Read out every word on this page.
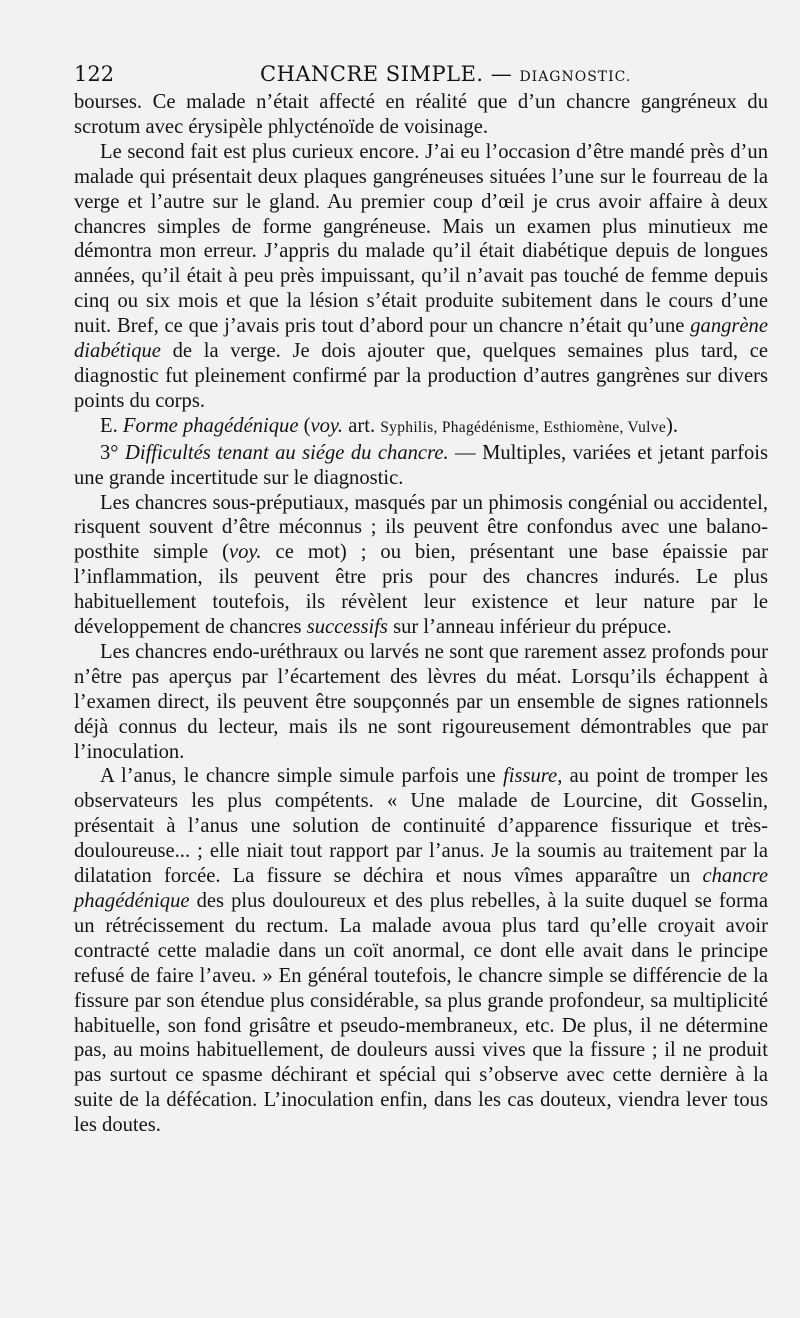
122	CHANCRE SIMPLE. — DIAGNOSTIC.

bourses. Ce malade n’était affecté en réalité que d’un chancre gangréneux du scrotum avec érysipèle phlycténoïde de voisinage.

Le second fait est plus curieux encore. J’ai eu l’occasion d’être mandé près d’un malade qui présentait deux plaques gangréneuses situées l’une sur le fourreau de la verge et l’autre sur le gland. Au premier coup d’œil je crus avoir affaire à deux chancres simples de forme gangréneuse. Mais un examen plus minutieux me démontra mon erreur. J’appris du malade qu’il était diabétique depuis de longues années, qu’il était à peu près impuissant, qu’il n’avait pas touché de femme depuis cinq ou six mois et que la lésion s’était produite subitement dans le cours d’une nuit. Bref, ce que j’avais pris tout d’abord pour un chancre n’était qu’une gangrène diabétique de la verge. Je dois ajouter que, quelques semaines plus tard, ce diagnostic fut pleinement confirmé par la production d’autres gangrènes sur divers points du corps.

E. Forme phagédénique (voy. art. Syphilis, Phagédénisme, Esthiomène, Vulve).

3° Difficultés tenant au siége du chancre. — Multiples, variées et jetant parfois une grande incertitude sur le diagnostic.

Les chancres sous-préputiaux, masqués par un phimosis congénial ou accidentel, risquent souvent d’être méconnus ; ils peuvent être confondus avec une balano-posthite simple (voy. ce mot) ; ou bien, présentant une base épaissie par l’inflammation, ils peuvent être pris pour des chancres indurés. Le plus habituellement toutefois, ils révèlent leur existence et leur nature par le développement de chancres successifs sur l’anneau inférieur du prépuce.

Les chancres endo-uréthraux ou larvés ne sont que rarement assez profonds pour n’être pas aperçus par l’écartement des lèvres du méat. Lorsqu’ils échappent à l’examen direct, ils peuvent être soupçonnés par un ensemble de signes rationnels déjà connus du lecteur, mais ils ne sont rigoureusement démontrables que par l’inoculation.

A l’anus, le chancre simple simule parfois une fissure, au point de tromper les observateurs les plus compétents. « Une malade de Lourcine, dit Gosselin, présentait à l’anus une solution de continuité d’apparence fissurique et très-douloureuse... ; elle niait tout rapport par l’anus. Je la soumis au traitement par la dilatation forcée. La fissure se déchira et nous vîmes apparaître un chancre phagédénique des plus douloureux et des plus rebelles, à la suite duquel se forma un rétrécissement du rectum. La malade avoua plus tard qu’elle croyait avoir contracté cette maladie dans un coït anormal, ce dont elle avait dans le principe refusé de faire l’aveu. » En général toutefois, le chancre simple se différencie de la fissure par son étendue plus considérable, sa plus grande profondeur, sa multiplicité habituelle, son fond grisâtre et pseudo-membraneux, etc. De plus, il ne détermine pas, au moins habituellement, de douleurs aussi vives que la fissure ; il ne produit pas surtout ce spasme déchirant et spécial qui s’observe avec cette dernière à la suite de la défécation. L’inoculation enfin, dans les cas douteux, viendra lever tous les doutes.
